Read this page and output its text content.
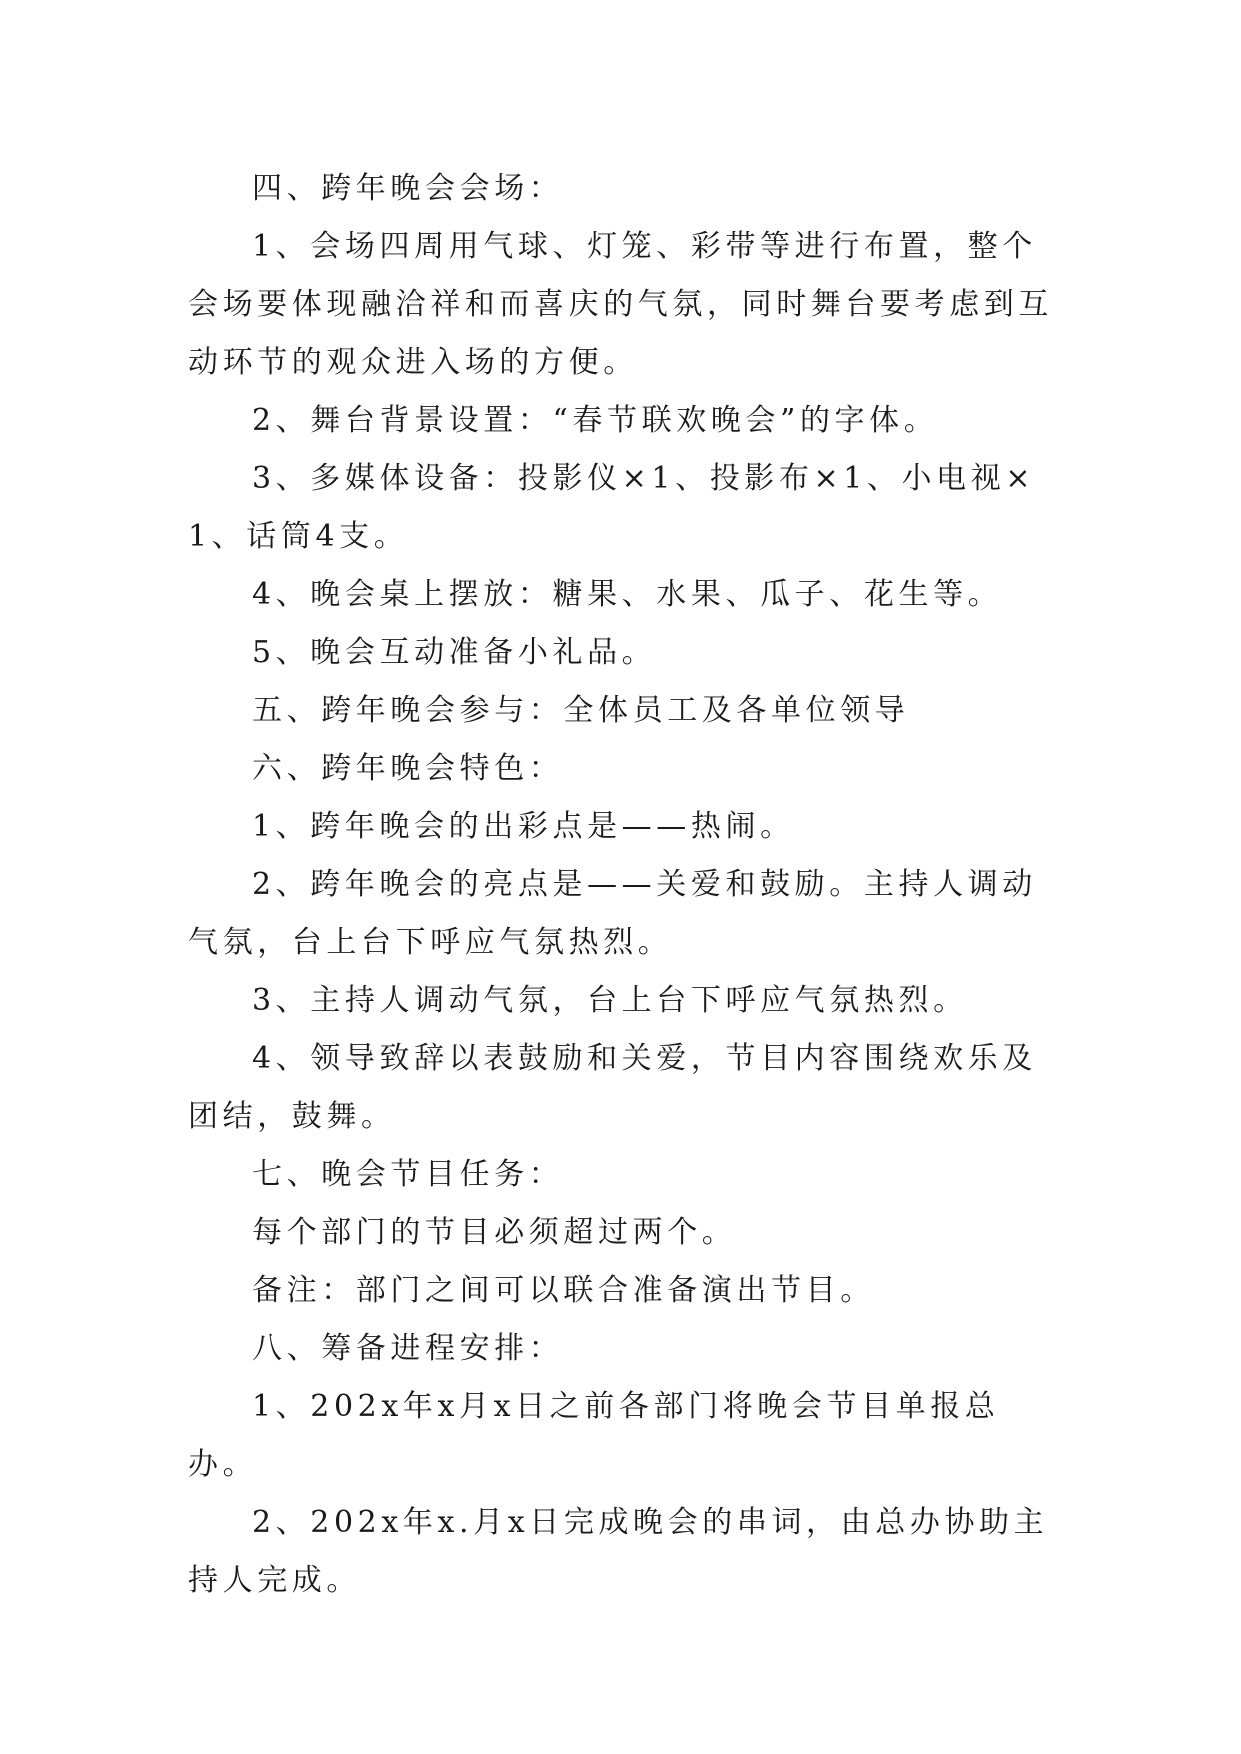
四、跨年晚会会场：

1、会场四周用气球、灯笼、彩带等进行布置，整个会场要体现融洽祥和而喜庆的气氛，同时舞台要考虑到互动环节的观众进入场的方便。

2、舞台背景设置：“春节联欢晚会”的字体。

3、多媒体设备：投影仪×1、投影布×1、小电视×1、话筒4支。

4、晚会桌上摆放：糖果、水果、瓜子、花生等。

5、晚会互动准备小礼品。

五、跨年晚会参与：全体员工及各单位领导

六、跨年晚会特色：

1、跨年晚会的出彩点是——热闹。

2、跨年晚会的亮点是——关爱和鼓励。主持人调动气氛，台上台下呼应气氛热烈。

3、主持人调动气氛，台上台下呼应气氛热烈。

4、领导致辞以表鼓励和关爱，节目内容围绕欢乐及团结，鼓舞。

七、晚会节目任务：

每个部门的节目必须超过两个。

备注：部门之间可以联合准备演出节目。

八、筹备进程安排：

1、202x年x月x日之前各部门将晚会节目单报总办。

2、202x年x.月x日完成晚会的串词，由总办协助主持人完成。
